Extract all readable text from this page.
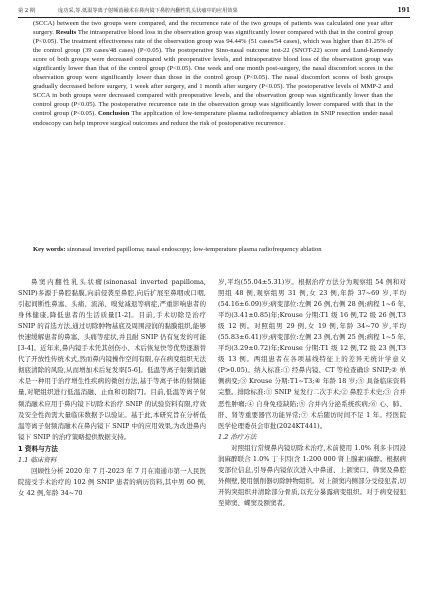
第 2 期	庞功采,等.低温等离子射频消融术在鼻内镜下鼻腔内翻性乳头状瘤中的应用效果	191

(SCCA) between the two groups were compared, and the recurrence rate of the two groups of patients was calculated one year after surgery. Results The intraoperative blood loss in the observation group was significantly lower compared with that in the control group (P<0.05). The treatment effectiveness rate of the observation group was 94.44% (51 cases/54 cases), which was higher than 81.25% of the control group (39 cases/48 cases) (P<0.05). The postoperative Sino-nasal outcome test-22 (SNOT-22) score and Lund-Kennedy score of both groups were decreased compared with preoperative levels, and intraoperative blood loss of the observation group was significantly lower than that of the control group (P<0.05). One week and one month post-surgery, the nasal discomfort scores in the observation group were significantly lower than those in the control group (P<0.05). The nasal discomfort scores of both groups gradually decreased before surgery, 1 week after surgery, and 1 month after surgery (P<0.05). The postoperative levels of MMP-2 and SCCA in both groups were decreased compared with preoperative levels, and the observation group was significantly lower than the control group (P<0.05). The postoperative recurrence rate in the observation group was significantly lower compared with that in the control group (P<0.05). Conclusion The application of low-temperature plasma radiofrequency ablation in SNIP resection under nasal endoscopy can help improve surgical outcomes and reduce the risk of postoperative recurrence.

Key words: sinonasal inverted papilloma; nasal endoscopy; low-temperature plasma radiofrequency ablation

鼻窦内翻性乳头状瘤(sinonasal inverted papilloma, SNIP)多源于鼻腔黏膜,向前侵袭至鼻腔,向后扩展至鼻咽或口咽,引起间断性鼻塞、头痛、流涕、嗅觉减退等病症,严重影响患者的身体健康,降低患者的生活质量[1-2]。目前,手术切除是治疗 SNIP 的首选方法,通过切除肿物基底及周围浸润的黏膜组织,能够快速缓解患者的鼻塞、头痛等症状,并且耐 SNIP 仍有复发的可能[3-4]。近年来,鼻内镜手术凭其创伤小、术后恢复快等优势逐渐替代了开放性传统术式,然而鼻内镜操作空间有限,存在病变组织无法彻底清除的风险,从而增加术后复发率[5-6]。低温等离子射频消融术是一种用于治疗增生性疾病的微创方法,基于等离子体的射频能量,对靶组织进行低温消融、止血和切除[7]。目前,低温等离子射频消融术应用于鼻内镜下切除术治疗 SNIP 的试验资料有限,疗效及安全性尚需大量临床数据予以验证。基于此,本研究旨在分析低温等离子射频消融术在鼻内镜下 SNIP 中的应用效果,为改进鼻内镜下 SNIP 的治疗策略提供数据支持。

1 资料与方法

1.1 临床资料

回顾性分析 2020 年 7 月-2023 年 7 月在南通市第一人民医院接受手术治疗的 102 例 SNIP 患者的病历资料,其中男 60 例,女 42 例,年龄 34~70

岁,平均(55.04±5.31)岁。根据治疗方法分为观察组 54 例和对照组 48 例,观察组男 31 例,女 23 例,年龄 37~69 岁,平均(54.16±6.09)岁;病变部位:左侧 26 例,右侧 28 例;病程 1~6 年,平均(3.41±0.85)年;Krouse 分期:T1 级 16 例,T2 级 26 例,T3 级 12 例。对照组男 29 例,女 19 例,年龄 34~70 岁,平均(55.83±6.41)岁;病变部位:左侧 23 例,右侧 25 例;病程 1~5 年,平均(3.29±0.72)年;Krouse 分期:T1 级 12 例,T2 级 23 例,T3 级 13 例。两组患者在各项基线特征上的差异无统计学意义(P>0.05)。纳入标准:① 经鼻内镜、CT 等检查确诊 SNIP;② 单侧病变;③ Krouse 分期:T1~T3;④ 年龄 18 岁;⑤ 具备临床资料完整。排除标准:① SNIP 复发行二次手术;② 鼻腔手术史;③ 合并恶性肿瘤;④ 自身免疫缺陷;⑤ 合并内分泌系统疾病;⑥ 心、肺、肝、肾等重要器官功能异常;⑦ 术后随访时间不足 1 年。经医院医学伦理委员会审批(2024KT441)。

1.2 治疗方法

对照组行常规鼻内镜切除术治疗,术前使用 1.0% 利多卡因浸润麻醉联合 1.0% 丁卡因(含 1:200 000 肾上腺素)麻醉。根据病变部位信息,引导鼻内镜依次进入中鼻道、上颌窦口、筛窦及鼻腔外侧壁,使用刨削器切除肿物组织。对上颌窦内侧部分受侵犯者,切开钩突组织并清除部分骨质,以充分暴露病变组织。对于病变侵犯至筛窦、蝶窦及额窦者,
